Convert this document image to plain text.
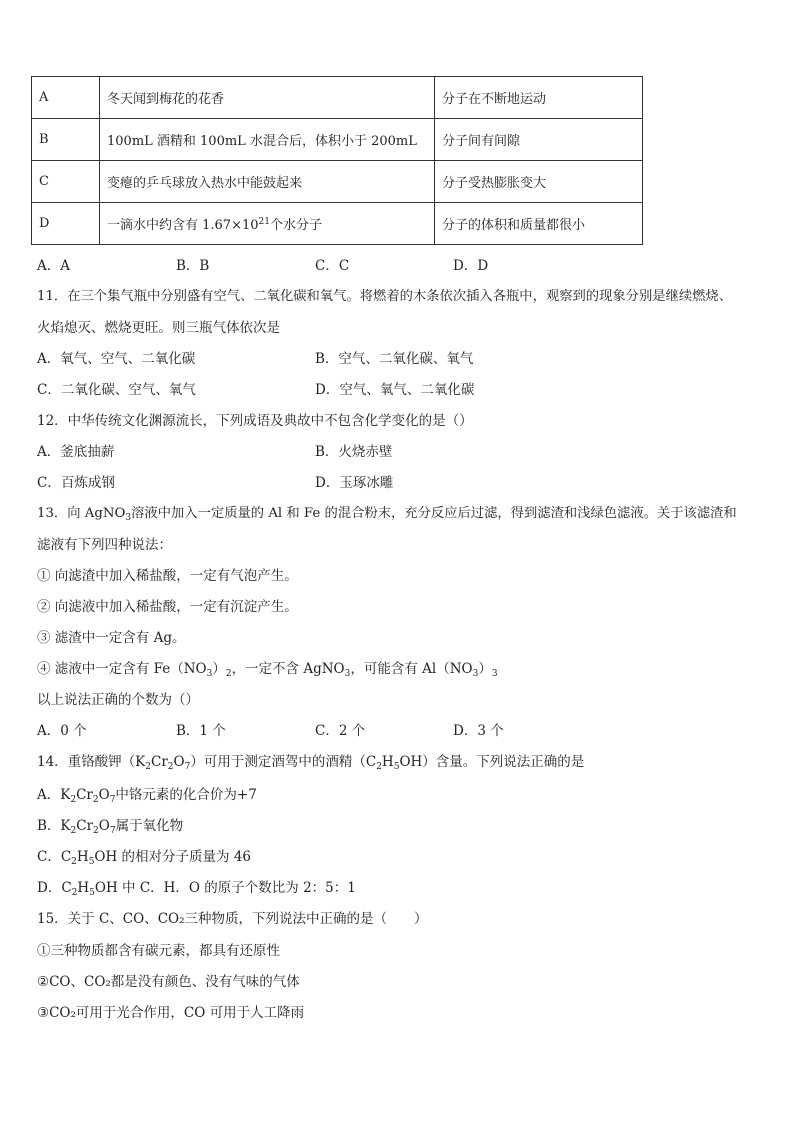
A	冬天闻到梅花的花香	分子在不断地运动
B	100mL 酒精和 100mL 水混合后，体积小于 200mL	分子间有间隙
C	变瘪的乒乓球放入热水中能鼓起来	分子受热膨胀变大
D	一滴水中约含有 $1.67\times 10^{21}$个水分子	分子的体积和质量都很小
A．A	B．B	C．C	D．D
11．在三个集气瓶中分别盛有空气、二氧化碳和氧气。将燃着的木条依次插入各瓶中，观察到的现象分别是继续燃烧、
火焰熄灭、燃烧更旺。则三瓶气体依次是
A．氧气、空气、二氧化碳	B．空气、二氧化碳、氧气
C．二氧化碳、空气、氧气	D．空气、氧气、二氧化碳
12．中华传统文化渊源流长，下列成语及典故中不包含化学变化的是（）
A．釜底抽薪	B．火烧赤壁
C．百炼成钢	D．玉琢冰雕
13．向 AgNO$_3$溶液中加入一定质量的 Al 和 Fe 的混合粉末，充分反应后过滤，得到滤渣和浅绿色滤液。关于该滤渣和
滤液有下列四种说法：
① 向滤渣中加入稀盐酸，一定有气泡产生。
② 向滤液中加入稀盐酸，一定有沉淀产生。
③ 滤渣中一定含有 Ag。
④ 滤液中一定含有 $Fe(NO_3)_2$，一定不含 AgNO$_3$，可能含有 $Al(NO_3)_3$
以上说法正确的个数为（）
A．0 个	B．1 个	C．2 个	D．3 个
14．重铬酸钾$(K_2Cr_2O_7)$可用于测定酒驾中的酒精$(C_2H_5OH)$含量。下列说法正确的是
A．$K_2Cr_2O_7$中铬元素的化合价为+7
B．$K_2Cr_2O_7$属于氧化物
C．$C_2H_5OH$ 的相对分子质量为 46
D．$C_2H_5OH$ 中 C．H．O 的原子个数比为 2：5：1
15．关于 C、CO、CO₂三种物质，下列说法中正确的是（　　）
①三种物质都含有碳元素，都具有还原性
②CO、CO₂都是没有颜色、没有气味的气体
③CO₂可用于光合作用，CO 可用于人工降雨
